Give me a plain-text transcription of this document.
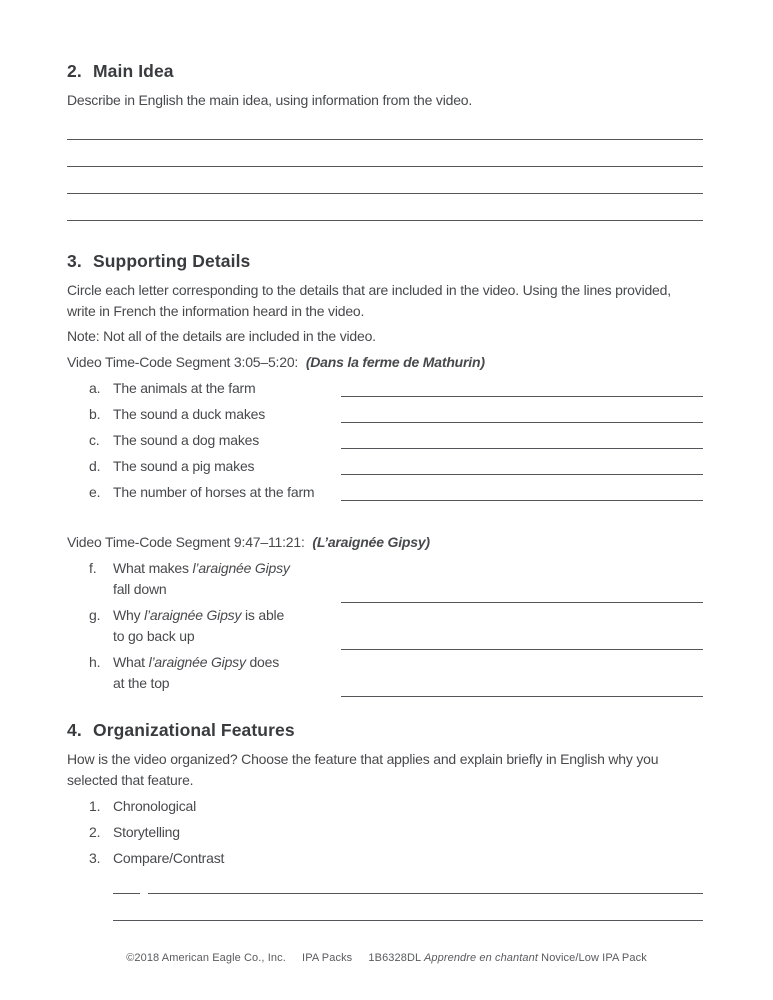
2. Main Idea

Describe in English the main idea, using information from the video.

3. Supporting Details

Circle each letter corresponding to the details that are included in the video. Using the lines provided, write in French the information heard in the video.

Note: Not all of the details are included in the video.

Video Time-Code Segment 3:05–5:20: (Dans la ferme de Mathurin)

a. The animals at the farm
b. The sound a duck makes
c. The sound a dog makes
d. The sound a pig makes
e. The number of horses at the farm

Video Time-Code Segment 9:47–11:21: (L’araignée Gipsy)

f.	What makes l’araignée Gipsy
fall down
g. Why l’araignée Gipsy is able
to go back up
h. What l’araignée Gipsy does
at the top
4. Organizational Features

How is the video organized? Choose the feature that applies and explain briefly in English why you selected that feature.

1. Chronological
2. Storytelling
3. Compare/Contrast
©2018 American Eagle Co., Inc. IPA Packs 1B6328DL Apprendre en chantant Novice/Low IPA Pack
